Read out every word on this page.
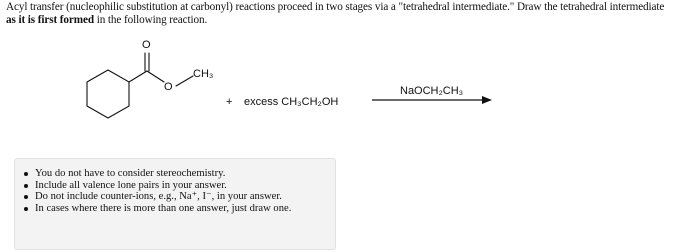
Acyl transfer (nucleophilic substitution at carbonyl) reactions proceed in two stages via a "tetrahedral intermediate." Draw the tetrahedral intermediate
as it is first formed in the following reaction.
O
O
CH₃
+ excess CH₃CH₂OH
NaOCH₂CH₃
You do not have to consider stereochemistry.
Include all valence lone pairs in your answer.
Do not include counter-ions, e.g., Na⁺, I⁻, in your answer.
In cases where there is more than one answer, just draw one.
